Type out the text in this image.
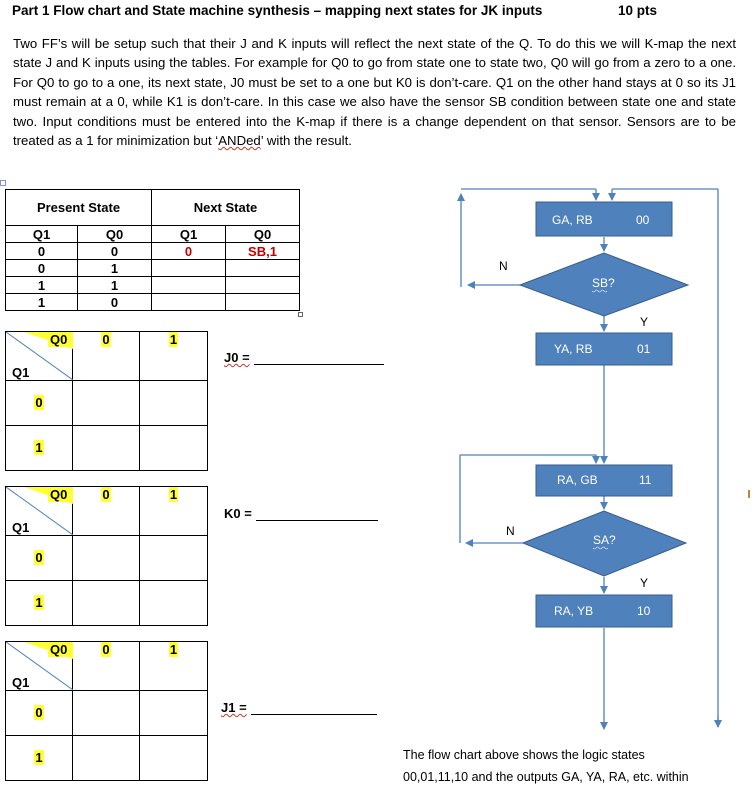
Part 1 Flow chart and State machine synthesis – mapping next states for JK inputs	10 pts
Two FF’s will be setup such that their J and K inputs will reflect the next state of the Q. To do this we will K-map the next state J and K inputs using the tables. For example for Q0 to go from state one to state two, Q0 will go from a zero to a one. For Q0 to go to a one, its next state, J0 must be set to a one but K0 is don’t-care. Q1 on the other hand stays at 0 so its J1 must remain at a 0, while K1 is don’t-care. In this case we also have the sensor SB condition between state one and state two. Input conditions must be entered into the K-map if there is a change dependent on that sensor. Sensors are to be treated as a 1 for minimization but ‘ANDed’ with the result.
Present State		Next State	
Q1	Q0	Q1	Q0
0	0	0	SB,1
0	1		
1	1		
1	0		
Q0
Q1	0	1

0		

1		

J0 =
Q0
Q1	0	1

0		

1		

K0 =
Q0
Q1	0	1

0		

1		

J1 =
GA, RB	00
SB?
YA, RB	01
RA, GB	11
SA?
RA, YB	10
N
Y
N
Y
The flow chart above shows the logic states
00,01,11,10 and the outputs GA, YA, RA, etc. within
